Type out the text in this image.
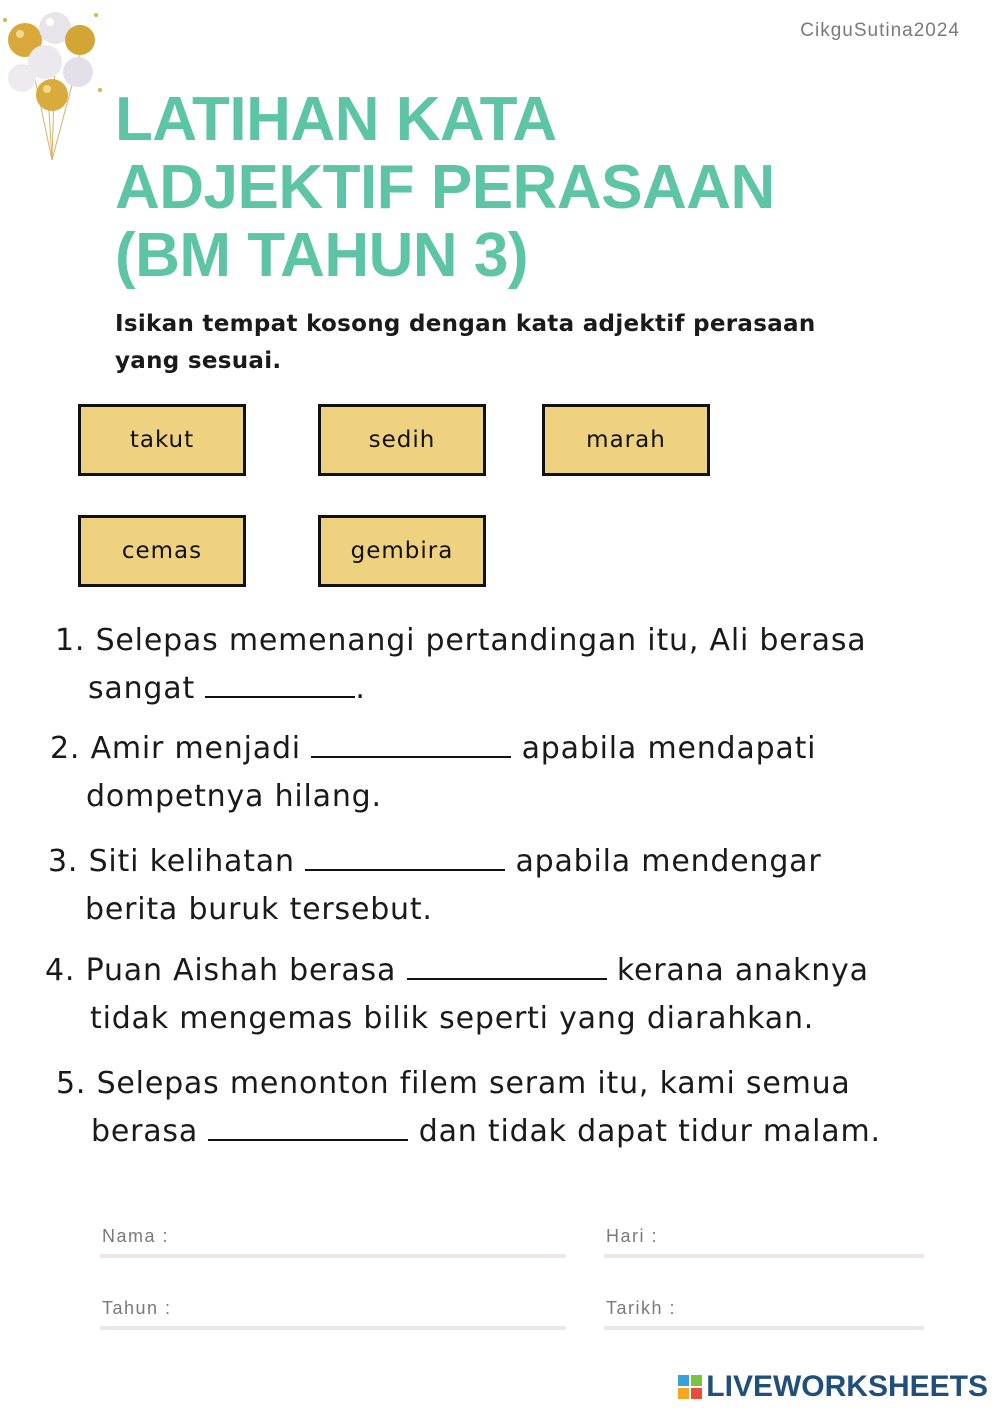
CikguSutina2024
LATIHAN KATA
ADJEKTIF PERASAAN
(BM TAHUN 3)

Isikan tempat kosong dengan kata adjektif perasaan yang sesuai.

takut	sedih	marah
cemas	gembira
1. Selepas memenangi pertandingan itu, Ali berasa
sangat	.
2. Amir menjadi	apabila mendapati
dompetnya hilang.
3. Siti kelihatan	apabila mendengar
berita buruk tersebut.
4. Puan Aishah berasa	kerana anaknya
tidak mengemas bilik seperti yang diarahkan.
5. Selepas menonton filem seram itu, kami semua
berasa	dan tidak dapat tidur malam.
Nama :	Hari :
Tahun :	Tarikh :
LIVEWORKSHEETS
